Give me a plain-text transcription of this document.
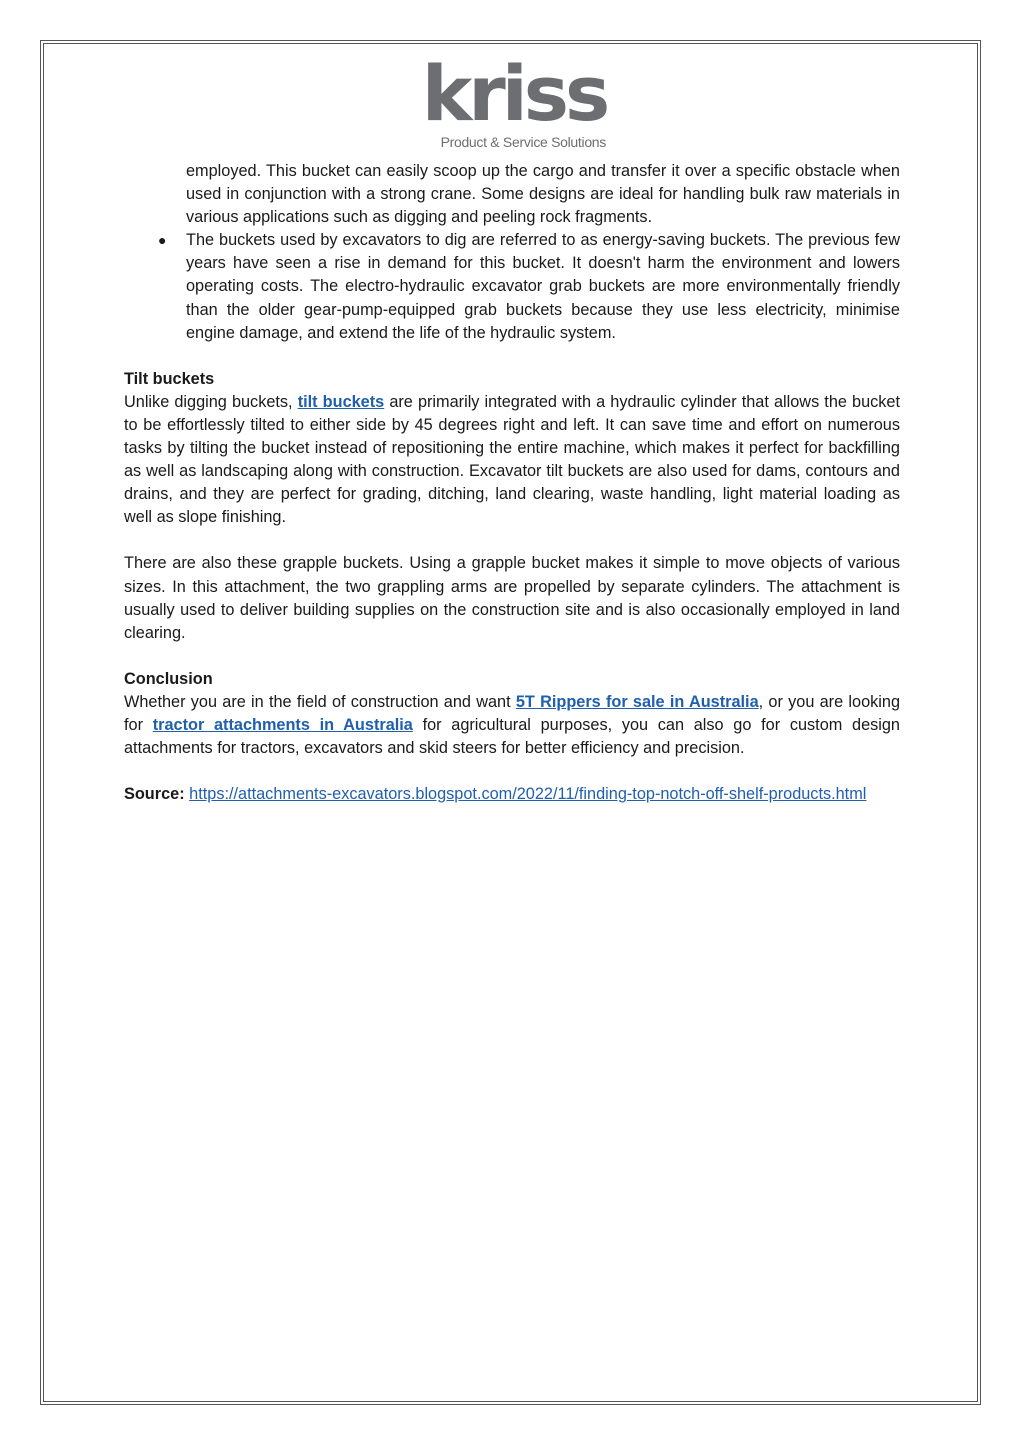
kriss
Product & Service Solutions
employed. This bucket can easily scoop up the cargo and transfer it over a specific obstacle when used in conjunction with a strong crane. Some designs are ideal for handling bulk raw materials in various applications such as digging and peeling rock fragments.
● The buckets used by excavators to dig are referred to as energy-saving buckets. The previous few years have seen a rise in demand for this bucket. It doesn't harm the environment and lowers operating costs. The electro-hydraulic excavator grab buckets are more environmentally friendly than the older gear-pump-equipped grab buckets because they use less electricity, minimise engine damage, and extend the life of the hydraulic system.

Tilt buckets

Unlike digging buckets, tilt buckets are primarily integrated with a hydraulic cylinder that allows the bucket to be effortlessly tilted to either side by 45 degrees right and left. It can save time and effort on numerous tasks by tilting the bucket instead of repositioning the entire machine, which makes it perfect for backfilling as well as landscaping along with construction. Excavator tilt buckets are also used for dams, contours and drains, and they are perfect for grading, ditching, land clearing, waste handling, light material loading as well as slope finishing.

There are also these grapple buckets. Using a grapple bucket makes it simple to move objects of various sizes. In this attachment, the two grappling arms are propelled by separate cylinders. The attachment is usually used to deliver building supplies on the construction site and is also occasionally employed in land clearing.

Conclusion

Whether you are in the field of construction and want 5T Rippers for sale in Australia, or you are looking for tractor attachments in Australia for agricultural purposes, you can also go for custom design attachments for tractors, excavators and skid steers for better efficiency and precision.

Source: https://attachments-excavators.blogspot.com/2022/11/finding-top-notch-off-shelf-products.html
